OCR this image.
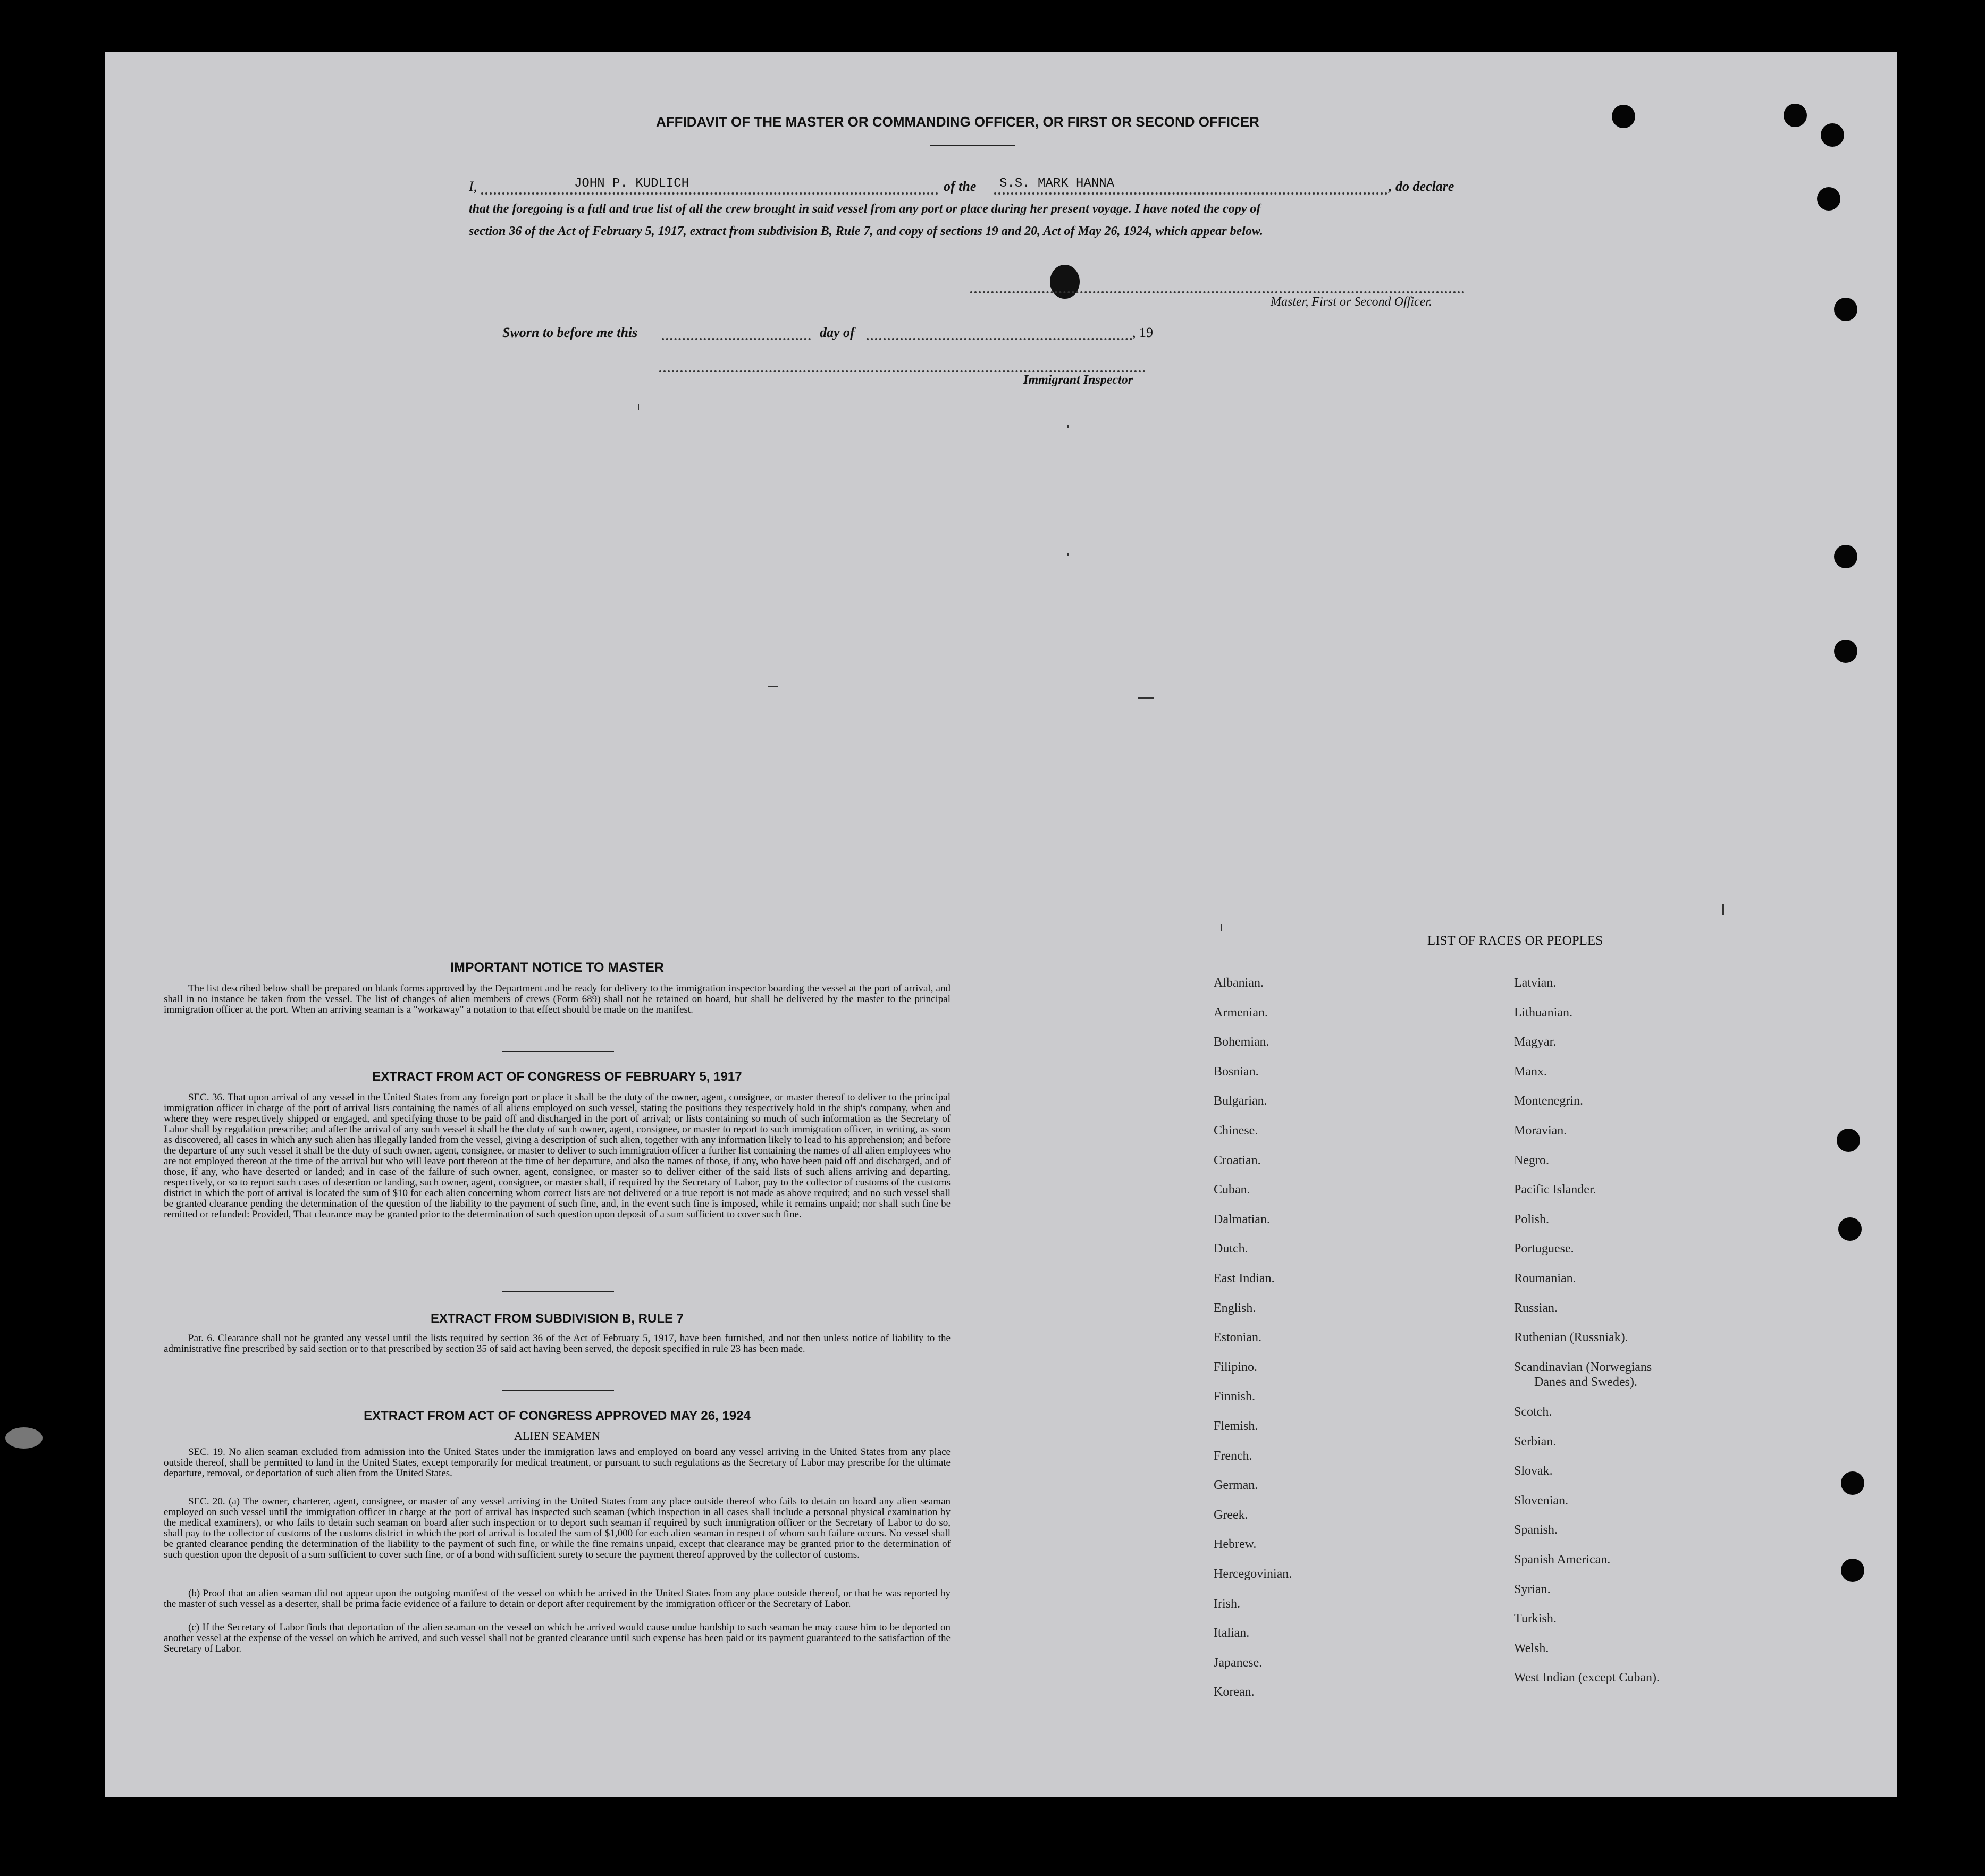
AFFIDAVIT OF THE MASTER OR COMMANDING OFFICER, OR FIRST OR SECOND OFFICER
I,	JOHN P. KUDLICH	of the S.S. MARK HANNA	, do declare
that the foregoing is a full and true list of all the crew brought in said vessel from any port or place during her present voyage. I have noted the copy of
section 36 of the Act of February 5, 1917, extract from subdivision B, Rule 7, and copy of sections 19 and 20, Act of May 26, 1924, which appear below.
Master, First or Second Officer.
Sworn to before me this	day of	, 19
Immigrant Inspector
IMPORTANT NOTICE TO MASTER
The list described below shall be prepared on blank forms approved by the Department and be ready for delivery to the immigration inspector boarding the vessel at the port of arrival, and shall in no instance be taken from the vessel. The list of changes of alien members of crews (Form 689) shall not be retained on board, but shall be delivered by the master to the principal immigration officer at the port. When an arriving seaman is a "workaway" a notation to that effect should be made on the manifest.
EXTRACT FROM ACT OF CONGRESS OF FEBRUARY 5, 1917
SEC. 36. That upon arrival of any vessel in the United States from any foreign port or place it shall be the duty of the owner, agent, consignee, or master thereof to deliver to the principal immigration officer in charge of the port of arrival lists containing the names of all aliens employed on such vessel, stating the positions they respectively hold in the ship's company, when and where they were respectively shipped or engaged, and specifying those to be paid off and discharged in the port of arrival; or lists containing so much of such information as the Secretary of Labor shall by regulation prescribe; and after the arrival of any such vessel it shall be the duty of such owner, agent, consignee, or master to report to such immigration officer, in writing, as soon as discovered, all cases in which any such alien has illegally landed from the vessel, giving a description of such alien, together with any information likely to lead to his apprehension; and before the departure of any such vessel it shall be the duty of such owner, agent, consignee, or master to deliver to such immigration officer a further list containing the names of all alien employees who are not employed thereon at the time of the arrival but who will leave port thereon at the time of her departure, and also the names of those, if any, who have been paid off and discharged, and of those, if any, who have deserted or landed; and in case of the failure of such owner, agent, consignee, or master so to deliver either of the said lists of such aliens arriving and departing, respectively, or so to report such cases of desertion or landing, such owner, agent, consignee, or master shall, if required by the Secretary of Labor, pay to the collector of customs of the customs district in which the port of arrival is located the sum of $10 for each alien concerning whom correct lists are not delivered or a true report is not made as above required; and no such vessel shall be granted clearance pending the determination of the question of the liability to the payment of such fine, and, in the event such fine is imposed, while it remains unpaid; nor shall such fine be remitted or refunded: Provided, That clearance may be granted prior to the determination of such question upon deposit of a sum sufficient to cover such fine.
EXTRACT FROM SUBDIVISION B, RULE 7
Par. 6. Clearance shall not be granted any vessel until the lists required by section 36 of the Act of February 5, 1917, have been furnished, and not then unless notice of liability to the administrative fine prescribed by said section or to that prescribed by section 35 of said act having been served, the deposit specified in rule 23 has been made.
EXTRACT FROM ACT OF CONGRESS APPROVED MAY 26, 1924
ALIEN SEAMEN
SEC. 19. No alien seaman excluded from admission into the United States under the immigration laws and employed on board any vessel arriving in the United States from any place outside thereof, shall be permitted to land in the United States, except temporarily for medical treatment, or pursuant to such regulations as the Secretary of Labor may prescribe for the ultimate departure, removal, or deportation of such alien from the United States.
SEC. 20. (a) The owner, charterer, agent, consignee, or master of any vessel arriving in the United States from any place outside thereof who fails to detain on board any alien seaman employed on such vessel until the immigration officer in charge at the port of arrival has inspected such seaman (which inspection in all cases shall include a personal physical examination by the medical examiners), or who fails to detain such seaman on board after such inspection or to deport such seaman if required by such immigration officer or the Secretary of Labor to do so, shall pay to the collector of customs of the customs district in which the port of arrival is located the sum of $1,000 for each alien seaman in respect of whom such failure occurs. No vessel shall be granted clearance pending the determination of the liability to the payment of such fine, or while the fine remains unpaid, except that clearance may be granted prior to the determination of such question upon the deposit of a sum sufficient to cover such fine, or of a bond with sufficient surety to secure the payment thereof approved by the collector of customs.
(b) Proof that an alien seaman did not appear upon the outgoing manifest of the vessel on which he arrived in the United States from any place outside thereof, or that he was reported by the master of such vessel as a deserter, shall be prima facie evidence of a failure to detain or deport after requirement by the immigration officer or the Secretary of Labor.
(c) If the Secretary of Labor finds that deportation of the alien seaman on the vessel on which he arrived would cause undue hardship to such seaman he may cause him to be deported on another vessel at the expense of the vessel on which he arrived, and such vessel shall not be granted clearance until such expense has been paid or its payment guaranteed to the satisfaction of the Secretary of Labor.
LIST OF RACES OR PEOPLES
Albanian.
Armenian.
Bohemian.
Bosnian.
Bulgarian.
Chinese.
Croatian.
Cuban.
Dalmatian.
Dutch.
East Indian.
English.
Estonian.
Filipino.
Finnish.
Flemish.
French.
German.
Greek.
Hebrew.
Hercegovinian.
Irish.
Italian.
Japanese.
Korean.
Latvian.
Lithuanian.
Magyar.
Manx.
Montenegrin.
Moravian.
Negro.
Pacific Islander.
Polish.
Portuguese.
Roumanian.
Russian.
Ruthenian (Russniak).
Scandinavian (Norwegians
Danes and Swedes).
Scotch.
Serbian.
Slovak.
Slovenian.
Spanish.
Spanish American.
Syrian.
Turkish.
Welsh.
West Indian (except Cuban).
